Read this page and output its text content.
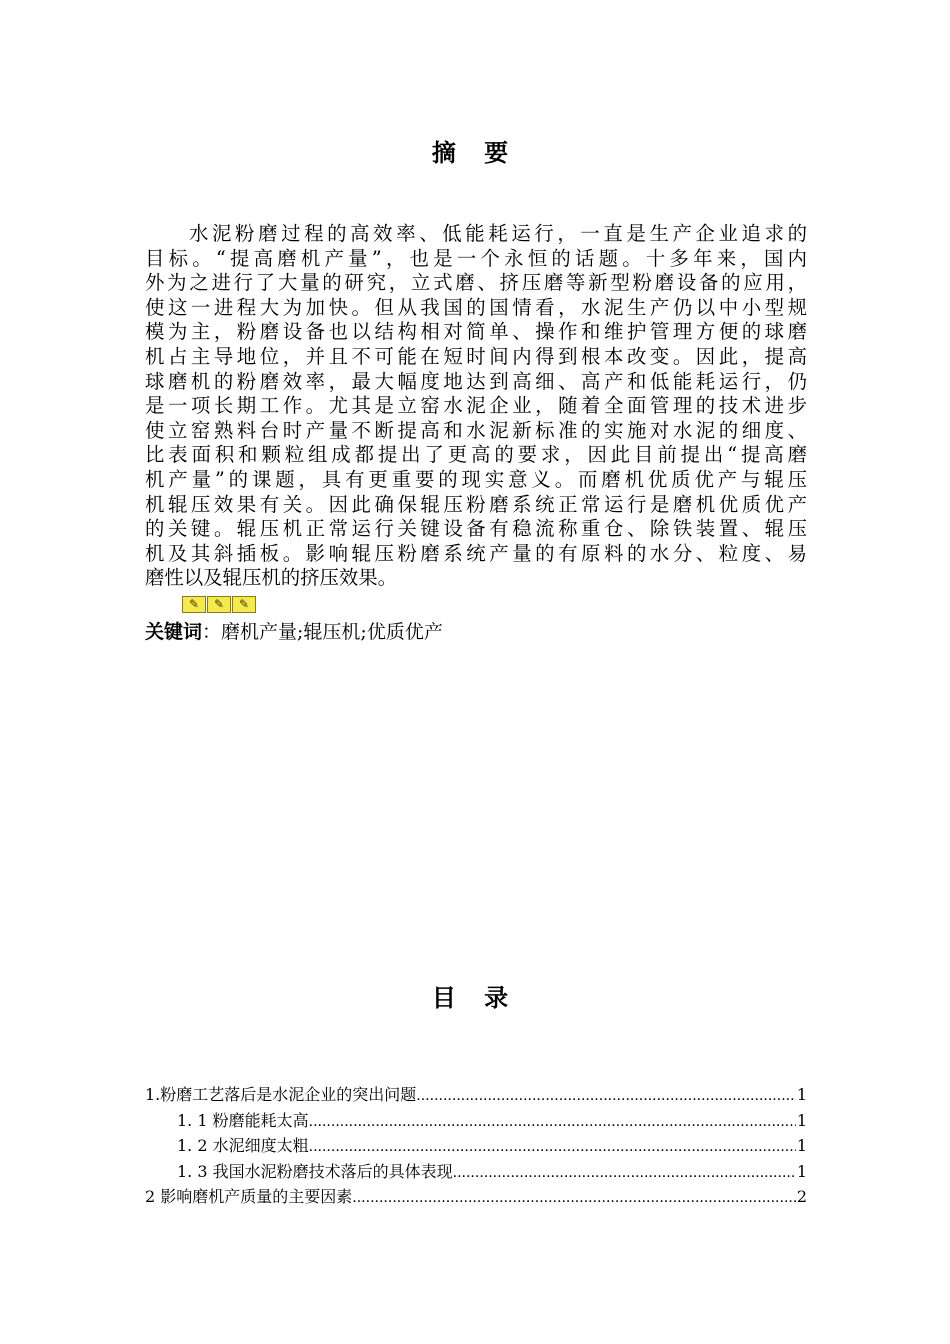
摘 要
水泥粉磨过程的高效率、低能耗运行，一直是生产企业追求的
目标。“提高磨机产量”，也是一个永恒的话题。十多年来，国内
外为之进行了大量的研究，立式磨、挤压磨等新型粉磨设备的应用，
使这一进程大为加快。但从我国的国情看，水泥生产仍以中小型规
模为主，粉磨设备也以结构相对简单、操作和维护管理方便的球磨
机占主导地位，并且不可能在短时间内得到根本改变。因此，提高
球磨机的粉磨效率，最大幅度地达到高细、高产和低能耗运行，仍
是一项长期工作。尤其是立窑水泥企业，随着全面管理的技术进步
使立窑熟料台时产量不断提高和水泥新标准的实施对水泥的细度、
比表面积和颗粒组成都提出了更高的要求，因此目前提出“提高磨
机产量”的课题，具有更重要的现实意义。而磨机优质优产与辊压
机辊压效果有关。因此确保辊压粉磨系统正常运行是磨机优质优产
的关键。辊压机正常运行关键设备有稳流称重仓、除铁装置、辊压
机及其斜插板。影响辊压粉磨系统产量的有原料的水分、粒度、易
磨性以及辊压机的挤压效果。
✎	✎	✎
关键词：磨机产量;辊压机;优质优产
目 录
1.粉磨工艺落后是水泥企业的突出问题 .....	1
1. 1 粉磨能耗太高 .....	1
1. 2 水泥细度太粗 .....	1
1. 3 我国水泥粉磨技术落后的具体表现 .....	1
2 影响磨机产质量的主要因素 .....	2
